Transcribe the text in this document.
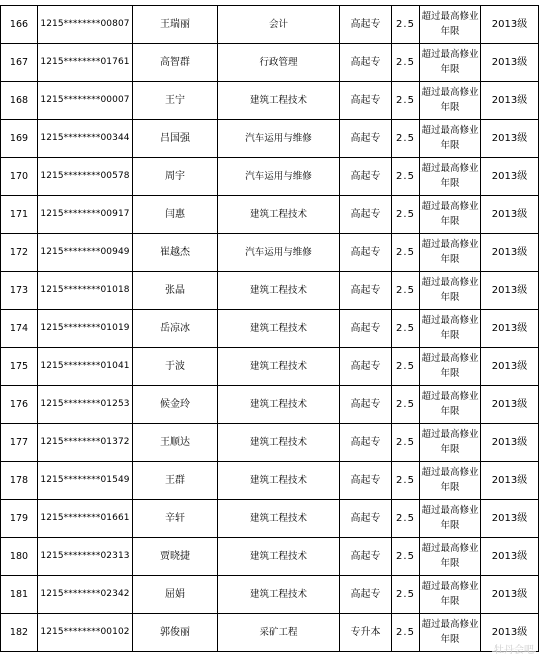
166	1215********00807	王瑞丽	会计	高起专	2.5	超过最高修业年限	2013级
167	1215********01761	高智群	行政管理	高起专	2.5	超过最高修业年限	2013级
168	1215********00007	王宁	建筑工程技术	高起专	2.5	超过最高修业年限	2013级
169	1215********00344	吕国强	汽车运用与维修	高起专	2.5	超过最高修业年限	2013级
170	1215********00578	周宇	汽车运用与维修	高起专	2.5	超过最高修业年限	2013级
171	1215********00917	闫惠	建筑工程技术	高起专	2.5	超过最高修业年限	2013级
172	1215********00949	崔越杰	汽车运用与维修	高起专	2.5	超过最高修业年限	2013级
173	1215********01018	张晶	建筑工程技术	高起专	2.5	超过最高修业年限	2013级
174	1215********01019	岳凉冰	建筑工程技术	高起专	2.5	超过最高修业年限	2013级
175	1215********01041	于波	建筑工程技术	高起专	2.5	超过最高修业年限	2013级
176	1215********01253	候金玲	建筑工程技术	高起专	2.5	超过最高修业年限	2013级
177	1215********01372	王顺达	建筑工程技术	高起专	2.5	超过最高修业年限	2013级
178	1215********01549	王群	建筑工程技术	高起专	2.5	超过最高修业年限	2013级
179	1215********01661	辛轩	建筑工程技术	高起专	2.5	超过最高修业年限	2013级
180	1215********02313	贾晓捷	建筑工程技术	高起专	2.5	超过最高修业年限	2013级
181	1215********02342	屈娟	建筑工程技术	高起专	2.5	超过最高修业年限	2013级
182	1215********00102	郭俊丽	采矿工程	专升本	2.5	超过最高修业年限	2013级
牡丹会吧
